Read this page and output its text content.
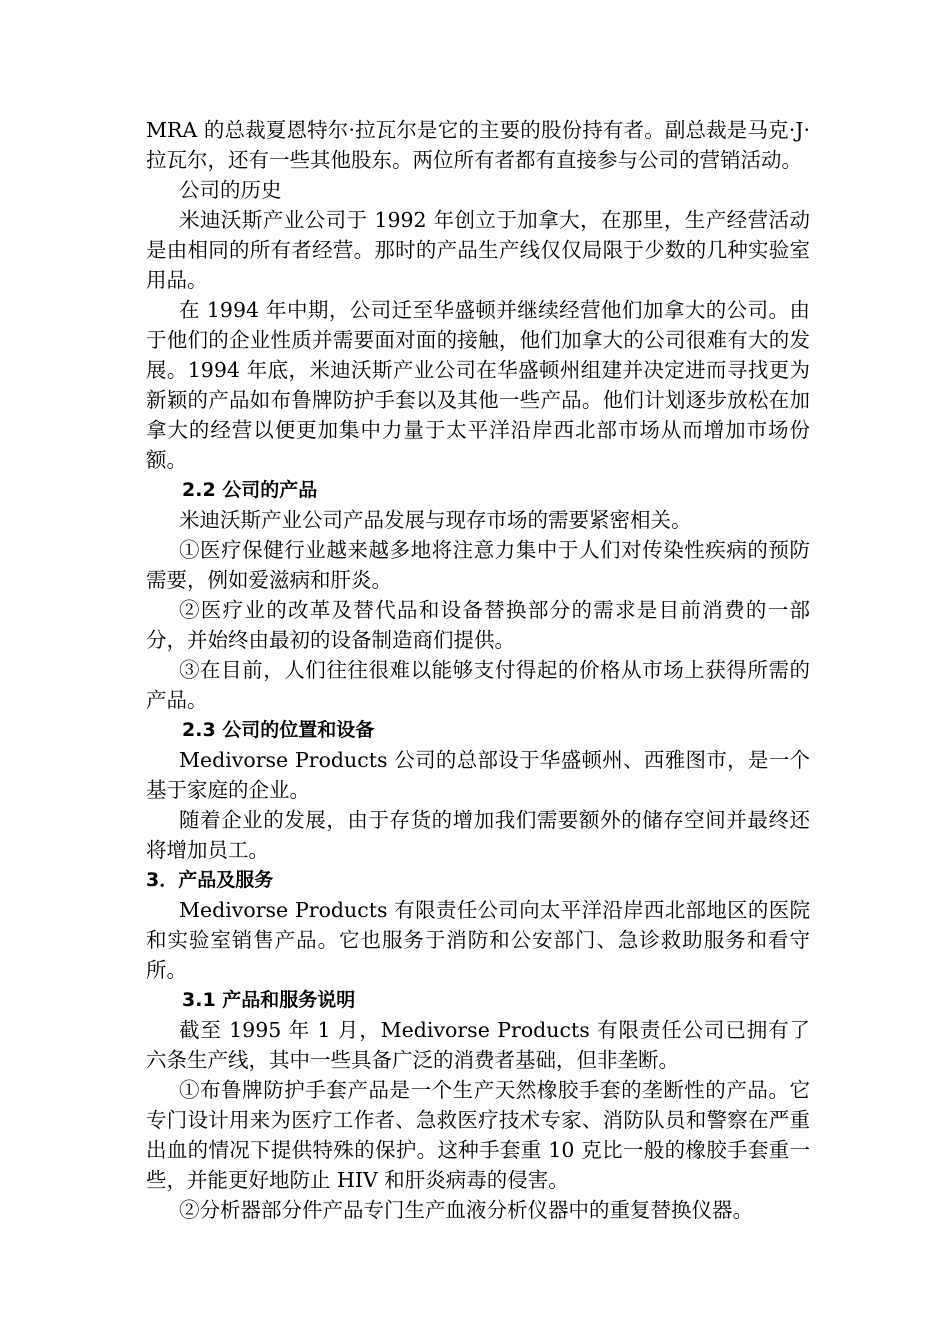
MRA 的总裁夏恩特尔·拉瓦尔是它的主要的股份持有者。副总裁是马克·J·拉瓦尔，还有一些其他股东。两位所有者都有直接参与公司的营销活动。

公司的历史

米迪沃斯产业公司于 1992 年创立于加拿大，在那里，生产经营活动是由相同的所有者经营。那时的产品生产线仅仅局限于少数的几种实验室用品。

在 1994 年中期，公司迁至华盛顿并继续经营他们加拿大的公司。由于他们的企业性质并需要面对面的接触，他们加拿大的公司很难有大的发展。1994 年底，米迪沃斯产业公司在华盛顿州组建并决定进而寻找更为新颖的产品如布鲁牌防护手套以及其他一些产品。他们计划逐步放松在加拿大的经营以便更加集中力量于太平洋沿岸西北部市场从而增加市场份额。

2.2 公司的产品

米迪沃斯产业公司产品发展与现存市场的需要紧密相关。

①医疗保健行业越来越多地将注意力集中于人们对传染性疾病的预防需要，例如爱滋病和肝炎。

②医疗业的改革及替代品和设备替换部分的需求是目前消费的一部分，并始终由最初的设备制造商们提供。

③在目前，人们往往很难以能够支付得起的价格从市场上获得所需的产品。

2.3 公司的位置和设备

Medivorse Products 公司的总部设于华盛顿州、西雅图市，是一个基于家庭的企业。

随着企业的发展，由于存货的增加我们需要额外的储存空间并最终还将增加员工。

3．产品及服务

Medivorse Products 有限责任公司向太平洋沿岸西北部地区的医院和实验室销售产品。它也服务于消防和公安部门、急诊救助服务和看守所。

3.1 产品和服务说明

截至 1995 年 1 月，Medivorse Products 有限责任公司已拥有了六条生产线，其中一些具备广泛的消费者基础，但非垄断。

①布鲁牌防护手套产品是一个生产天然橡胶手套的垄断性的产品。它专门设计用来为医疗工作者、急救医疗技术专家、消防队员和警察在严重出血的情况下提供特殊的保护。这种手套重 10 克比一般的橡胶手套重一些，并能更好地防止 HIV 和肝炎病毒的侵害。

②分析器部分件产品专门生产血液分析仪器中的重复替换仪器。
